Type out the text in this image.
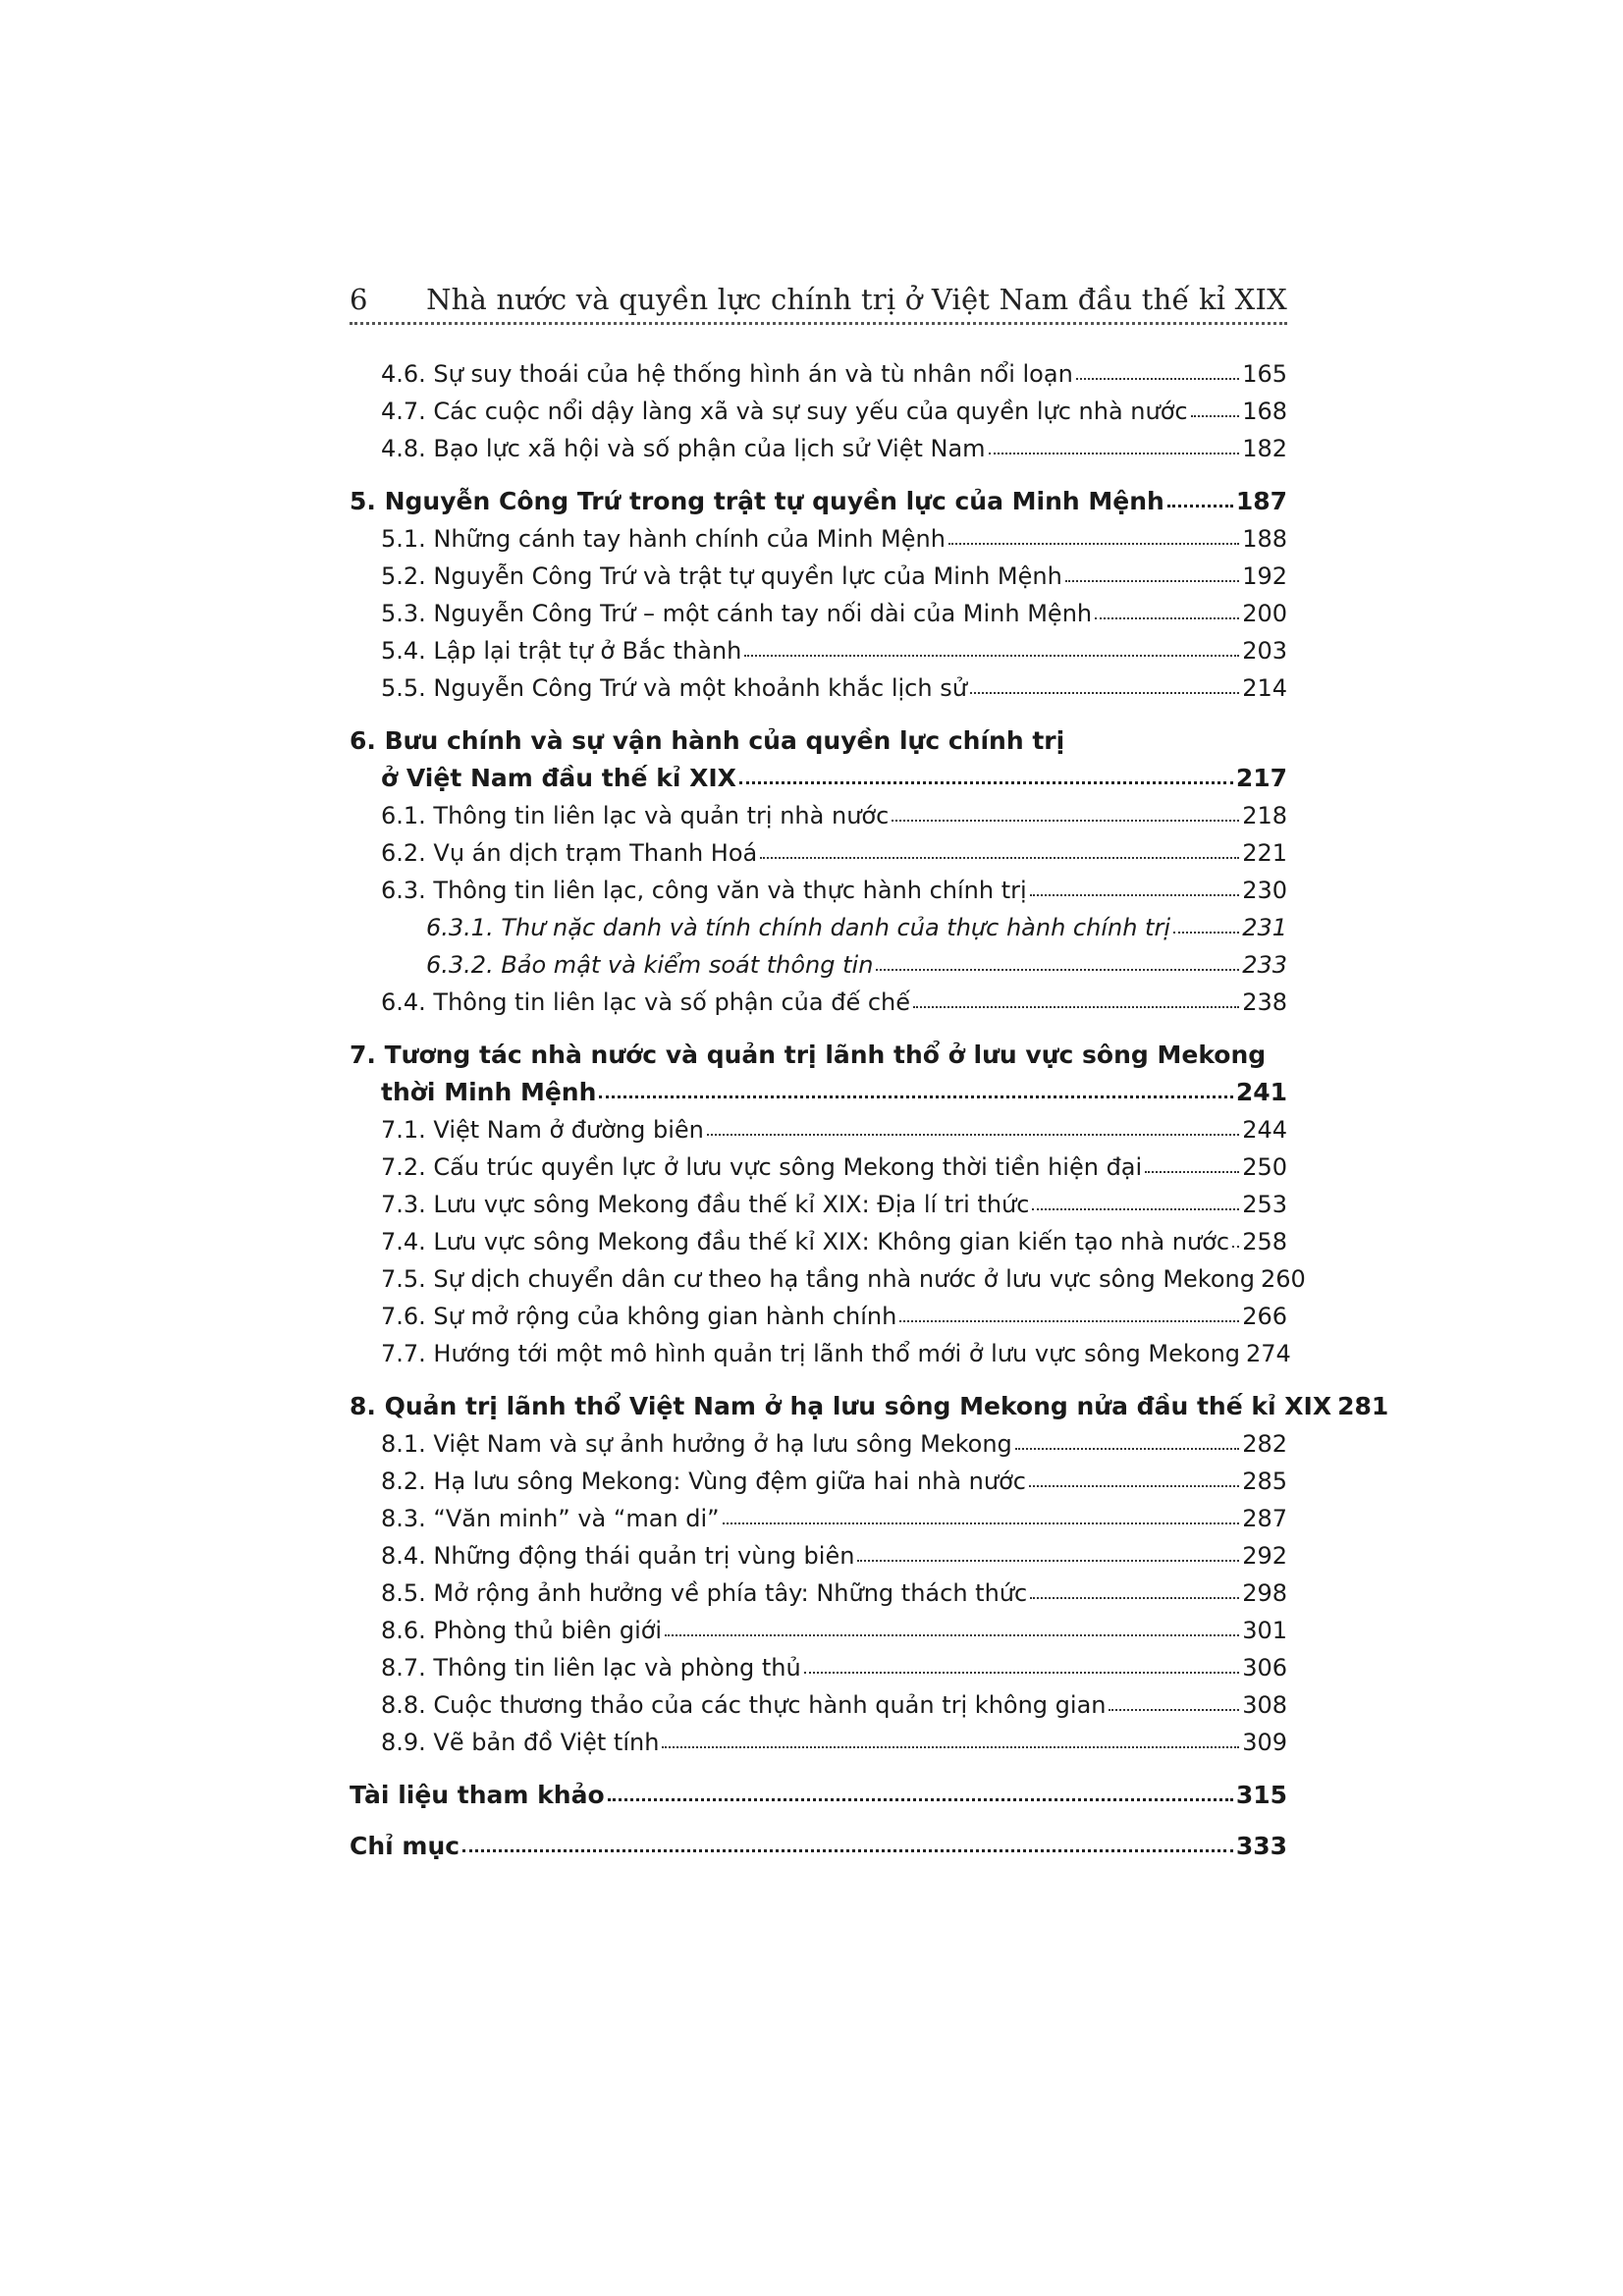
6 Nhà nước và quyền lực chính trị ở Việt Nam đầu thế kỉ XIX
4.6. Sự suy thoái của hệ thống hình án và tù nhân nổi loạn	165
4.7. Các cuộc nổi dậy làng xã và sự suy yếu của quyền lực nhà nước 168
4.8. Bạo lực xã hội và số phận của lịch sử Việt Nam	182
5. Nguyễn Công Trứ trong trật tự quyền lực của Minh Mệnh	187
5.1. Những cánh tay hành chính của Minh Mệnh	188
5.2. Nguyễn Công Trứ và trật tự quyền lực của Minh Mệnh	192
5.3. Nguyễn Công Trứ – một cánh tay nối dài của Minh Mệnh	200
5.4. Lập lại trật tự ở Bắc thành	203
5.5. Nguyễn Công Trứ và một khoảnh khắc lịch sử	214
6. Bưu chính và sự vận hành của quyền lực chính trị
ở Việt Nam đầu thế kỉ XIX	217
6.1. Thông tin liên lạc và quản trị nhà nước	218
6.2. Vụ án dịch trạm Thanh Hoá	221
6.3. Thông tin liên lạc, công văn và thực hành chính trị	230
6.3.1. Thư nặc danh và tính chính danh của thực hành chính trị	231
6.3.2. Bảo mật và kiểm soát thông tin	233
6.4. Thông tin liên lạc và số phận của đế chế	238
7. Tương tác nhà nước và quản trị lãnh thổ ở lưu vực sông Mekong
thời Minh Mệnh	241
7.1. Việt Nam ở đường biên	244
7.2. Cấu trúc quyền lực ở lưu vực sông Mekong thời tiền hiện đại	250
7.3. Lưu vực sông Mekong đầu thế kỉ XIX: Địa lí tri thức	253
7.4. Lưu vực sông Mekong đầu thế kỉ XIX: Không gian kiến tạo nhà nước 258
7.5. Sự dịch chuyển dân cư theo hạ tầng nhà nước ở lưu vực sông Mekong 260
7.6. Sự mở rộng của không gian hành chính	266
7.7. Hướng tới một mô hình quản trị lãnh thổ mới ở lưu vực sông Mekong 274
8. Quản trị lãnh thổ Việt Nam ở hạ lưu sông Mekong nửa đầu thế kỉ XIX 281
8.1. Việt Nam và sự ảnh hưởng ở hạ lưu sông Mekong	282
8.2. Hạ lưu sông Mekong: Vùng đệm giữa hai nhà nước	285
8.3. “Văn minh” và “man di”	287
8.4. Những động thái quản trị vùng biên	292
8.5. Mở rộng ảnh hưởng về phía tây: Những thách thức	298
8.6. Phòng thủ biên giới	301
8.7. Thông tin liên lạc và phòng thủ	306
8.8. Cuộc thương thảo của các thực hành quản trị không gian	308
8.9. Vẽ bản đồ Việt tính	309
Tài liệu tham khảo	315
Chỉ mục	333
